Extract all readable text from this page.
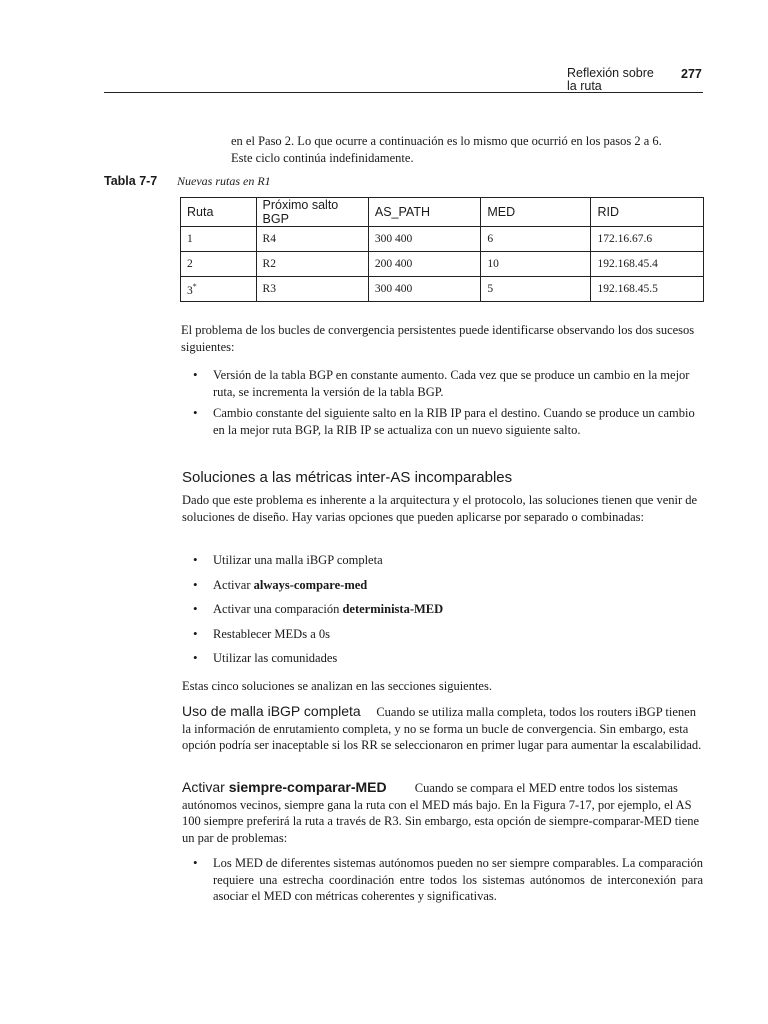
Reflexión sobre la ruta
277
en el Paso 2. Lo que ocurre a continuación es lo mismo que ocurrió en los pasos 2 a 6. Este ciclo continúa indefinidamente.
Tabla 7-7 Nuevas rutas en R1
Ruta	Próximo salto BGP	AS_PATH	MED	RID
1	R4	300 400	6	172.16.67.6
2	R2	200 400	10	192.168.45.4
3*	R3	300 400	5	192.168.45.5
El problema de los bucles de convergencia persistentes puede identificarse observando los dos sucesos siguientes:
• Versión de la tabla BGP en constante aumento. Cada vez que se produce un cambio en la mejor ruta, se incrementa la versión de la tabla BGP.
• Cambio constante del siguiente salto en la RIB IP para el destino. Cuando se produce un cambio en la mejor ruta BGP, la RIB IP se actualiza con un nuevo siguiente salto.
Soluciones a las métricas inter-AS incomparables
Dado que este problema es inherente a la arquitectura y el protocolo, las soluciones tienen que venir de soluciones de diseño. Hay varias opciones que pueden aplicarse por separado o combinadas:
• Utilizar una malla iBGP completa
• Activar always-compare-med
• Activar una comparación determinista-MED
• Restablecer MEDs a 0s
• Utilizar las comunidades
Estas cinco soluciones se analizan en las secciones siguientes.
Uso de malla iBGP completa Cuando se utiliza malla completa, todos los routers iBGP tienen la información de enrutamiento completa, y no se forma un bucle de convergencia. Sin embargo, esta opción podría ser inaceptable si los RR se seleccionaron en primer lugar para aumentar la escalabilidad.
Activar siempre-comparar-MED Cuando se compara el MED entre todos los sistemas autónomos vecinos, siempre gana la ruta con el MED más bajo. En la Figura 7-17, por ejemplo, el AS 100 siempre preferirá la ruta a través de R3. Sin embargo, esta opción de siempre-comparar-MED tiene un par de problemas:
• Los MED de diferentes sistemas autónomos pueden no ser siempre comparables. La comparación requiere una estrecha coordinación entre todos los sistemas autónomos de interconexión para asociar el MED con métricas coherentes y significativas.
